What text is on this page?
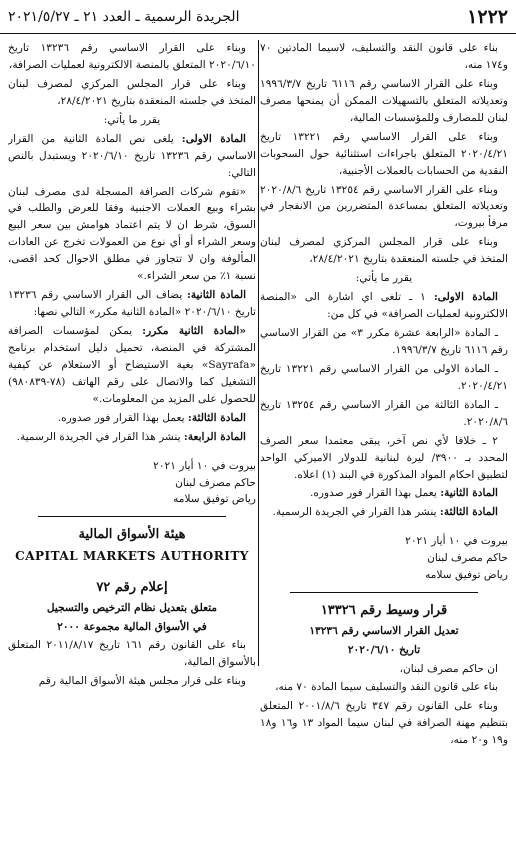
١٢٢٢
الجريدة الرسمية ـ العدد ٢١ ـ ٢٠٢١/٥/٢٧

بناء على قانون النقد والتسليف، لاسيما المادتين ٧٠ و١٧٤ منه،

وبناء على القرار الاساسي رقم ٦١١٦ تاريخ ١٩٩٦/٣/٧ وتعديلاته المتعلق بالتسهيلات الممكن أن يمنحها مصرف لبنان للمصارف وللمؤسسات المالية،

وبناء على القرار الاساسي رقم ١٣٢٢١ تاريخ ٢٠٢٠/٤/٢١ المتعلق باجراءات استثنائية حول السحوبات النقدية من الحسابات بالعملات الأجنبية،

وبناء على القرار الاساسي رقم ١٣٢٥٤ تاريخ ٢٠٢٠/٨/٦ وتعديلاته المتعلق بمساعدة المتضررين من الانفجار في مرفأ بيروت،

وبناء على قرار المجلس المركزي لمصرف لبنان المتخذ في جلسته المنعقدة بتاريخ ٢٨/٤/٢٠٢١،

يقرر ما يأتي:

المادة الاولى: ١ ـ تلغى اي اشارة الى «المنصة الالكترونية لعمليات الصرافة» في كل من:

ـ المادة «الرابعة عشرة مكرر ٣» من القرار الاساسي رقم ٦١١٦ تاريخ ١٩٩٦/٣/٧.

ـ المادة الاولى من القرار الاساسي رقم ١٣٢٢١ تاريخ ٢٠٢٠/٤/٢١.

ـ المادة الثالثة من القرار الاساسي رقم ١٣٢٥٤ تاريخ ٢٠٢٠/٨/٦.

٢ ـ خلافا لأي نص آخر، يبقى معتمدا سعر الصرف المحدد بـ ٣٩٠٠/ ليرة لبنانية للدولار الاميركي الواحد لتطبيق احكام المواد المذكورة في البند (١) اعلاه.

المادة الثانية: يعمل بهذا القرار فور صدوره.

المادة الثالثة: ينشر هذا القرار في الجريدة الرسمية.

بيروت في ١٠ أيار ٢٠٢١

حاكم مصرف لبنان

رياض توفيق سلامه

قرار وسيط رقم ١٣٣٢٦

تعديل القرار الاساسي رقم ١٣٢٣٦

تاريخ ٢٠٢٠/٦/١٠

ان حاكم مصرف لبنان،

بناء على قانون النقد والتسليف سيما المادة ٧٠ منه،

وبناء على القانون رقم ٣٤٧ تاريخ ٢٠٠١/٨/٦ المتعلق بتنظيم مهنة الصرافة في لبنان سيما المواد ١٣ و١٦ و١٨ و١٩ و٢٠ منه،

وبناء على القرار الاساسي رقم ١٣٢٣٦ تاريخ ٢٠٢٠/٦/١٠ المتعلق بالمنصة الالكترونية لعمليات الصرافة،

وبناء على قرار المجلس المركزي لمصرف لبنان المتخذ في جلسته المنعقدة بتاريخ ٢٨/٤/٢٠٢١،

يقرر ما يأتي:

المادة الاولى: يلغى نص المادة الثانية من القرار الاساسي رقم ١٣٢٣٦ تاريخ ٢٠٢٠/٦/١٠ ويستبدل بالنص التالي:

«تقوم شركات الصرافة المسجلة لدى مصرف لبنان بشراء وبيع العملات الاجنبية وفقا للعرض والطلب في السوق، شرط ان لا يتم اعتماد هوامش بين سعر البيع وسعر الشراء أو أي نوع من العمولات تخرج عن العادات المألوفة وان لا تتجاوز في مطلق الاحوال كحد اقصى، نسبة ١٪ من سعر الشراء.»

المادة الثانية: يضاف الى القرار الاساسي رقم ١٣٢٣٦ تاريخ ٢٠٢٠/٦/١٠ «المادة الثانية مكرر» التالي نصها:

«المادة الثانية مكرر: يمكن لمؤسسات الصرافة المشتركة في المنصة، تحميل دليل استخدام برنامج «Sayrafa» بغية الاستيضاح أو الاستعلام عن كيفية التشغيل كما والاتصال على رقم الهاتف (٧٨-٩٨٠٨٣٩) للحصول على المزيد من المعلومات.»

المادة الثالثة: يعمل بهذا القرار فور صدوره.

المادة الرابعة: ينشر هذا القرار في الجريدة الرسمية.

بيروت في ١٠ أيار ٢٠٢١

حاكم مصرف لبنان

رياض توفيق سلامه

هيئة الأسواق المالية

CAPITAL MARKETS AUTHORITY

إعلام رقم ٧٢

متعلق بتعديل نظام الترخيص والتسجيل

في الأسواق المالية مجموعة ٢٠٠٠

بناء على القانون رقم ١٦١ تاريخ ٢٠١١/٨/١٧ المتعلق بالأسواق المالية،

وبناء على قرار مجلس هيئة الأسواق المالية رقم
